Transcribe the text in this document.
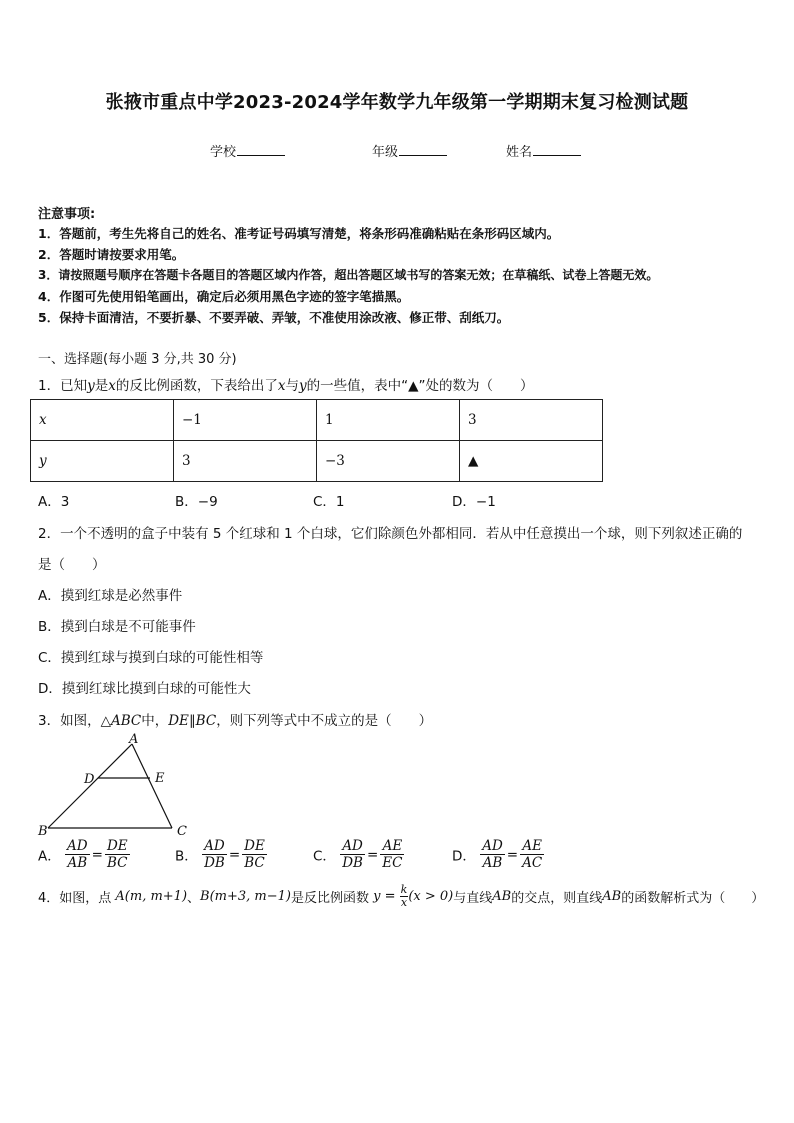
张掖市重点中学2023-2024学年数学九年级第一学期期末复习检测试题
学校	年级	姓名
注意事项:
1．答题前，考生先将自己的姓名、准考证号码填写清楚，将条形码准确粘贴在条形码区域内。
2．答题时请按要求用笔。
3．请按照题号顺序在答题卡各题目的答题区域内作答，超出答题区域书写的答案无效；在草稿纸、试卷上答题无效。
4．作图可先使用铅笔画出，确定后必须用黑色字迹的签字笔描黑。
5．保持卡面清洁，不要折暴、不要弄破、弄皱，不准使用涂改液、修正带、刮纸刀。
一、选择题(每小题 3 分,共 30 分)
1．已知y是x的反比例函数，下表给出了x与y的一些值，表中“▲”处的数为（　　）
x	−1	1	3
y	3	−3	▲
A．3	B．−9	C．1	D．−1
2．一个不透明的盒子中装有 5 个红球和 1 个白球，它们除颜色外都相同．若从中任意摸出一个球，则下列叙述正确的
是（　　）
A．摸到红球是必然事件
B．摸到白球是不可能事件
C．摸到红球与摸到白球的可能性相等
D．摸到红球比摸到白球的可能性大
3．如图，△ABC中，DE∥BC，则下列等式中不成立的是（　　）
A
D	E
B	C
A． $\frac{AD}{AB} = \frac{DE}{BC}$	B． $\frac{AD}{DB} = \frac{DE}{BC}$	C． $\frac{AD}{DB} = \frac{AE}{EC}$	D． $\frac{AD}{AB} = \frac{AE}{AC}$
4．如图，点 A(m, m+1)、B(m+3, m−1)是反比例函数 $y = \frac{k}{x} (x > 0)$与直线AB的交点，则直线AB的函数解析式为（　　）
